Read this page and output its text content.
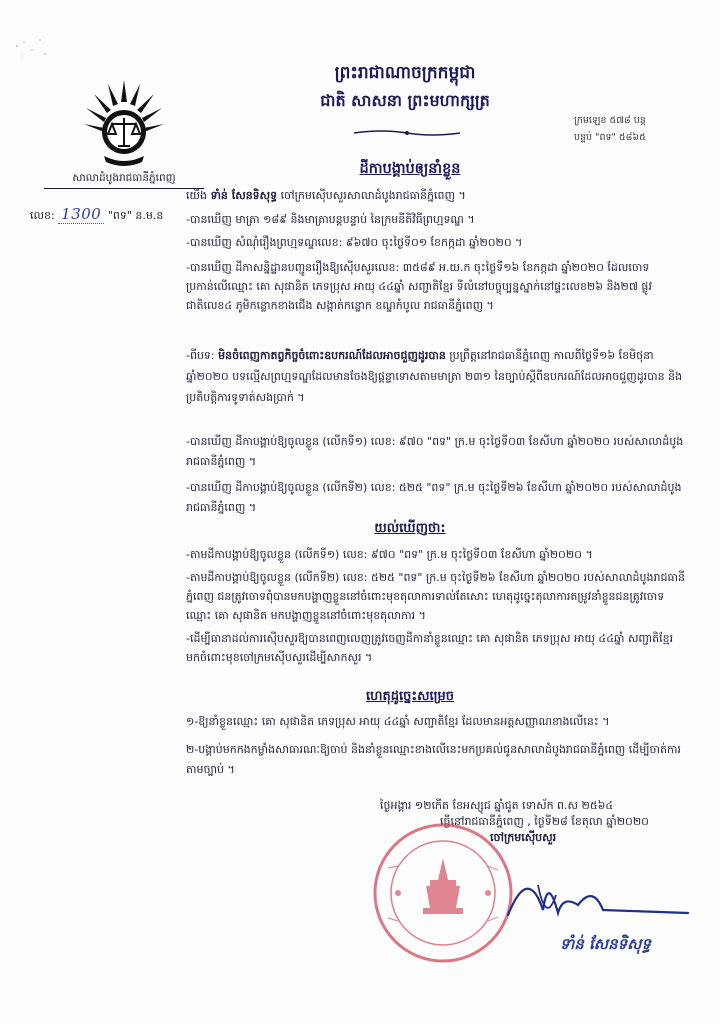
សាលាដំបូងរាជធានីភ្នំពេញ
ព្រះរាជាណាចក្រកម្ពុជា
ជាតិ សាសនា ព្រះមហាក្សត្រ
ក្រមឡេខ ៥៧៨ បន្ត
បន្ទប់ "ពទ" ៥៨៦៥
ដីកាបង្គាប់ឲ្យនាំខ្លួន
លេខ: 1300 "ពទ" ន.ម.ន
យើង ទាំន់ សែនទិសុទ្ធ ចៅក្រមស៊ើបសួរសាលាដំបូងរាជធានីភ្នំពេញ ។
-បានឃើញ មាត្រា ១៨៩ និងមាត្រាបន្តបន្ទាប់ នៃក្រមនីតិវិធីព្រហ្មទណ្ឌ ។
-បានឃើញ សំណុំរឿងព្រហ្មទណ្ឌលេខ: ៩៦៧០ ចុះថ្ងៃទី០១ ខែកក្កដា ឆ្នាំ២០២០ ។
-បានឃើញ ដីកាសន្និដ្ឋានបញ្ជូនរឿងឱ្យស៊ើបសួរលេខ: ៣៥៨៩ អ.យ.ក ចុះថ្ងៃទី១៦ ខែកក្កដា ឆ្នាំ២០២០ ដែលចោទប្រកាន់លើឈ្មោះ គោ សុផានិត ភេទប្រុស អាយុ ៤៤ឆ្នាំ សញ្ជាតិខ្មែរ ទីលំនៅបច្ចុប្បន្នស្នាក់នៅផ្ទះលេខ២៦ និង២៧ ផ្លូវជាតិលេខ៤ ភូមិកន្លោកខាងជើង សង្កាត់កន្លោក ខណ្ឌកំបូល រាជធានីភ្នំពេញ ។
-ពីបទ: មិនចំពេញកាតព្វកិច្ចចំពោះឧបករណ៍ដែលអាចជួញដូរបាន ប្រព្រឹត្តនៅរាជធានីភ្នំពេញ កាលពីថ្ងៃទី១៦ ខែមិថុនា ឆ្នាំ២០២០ បទល្មើសព្រហ្មទណ្ឌដែលមានចែងឱ្យផ្តន្ទាទោសតាមមាត្រា ២៣១ នៃច្បាប់ស្តីពីឧបករណ៍ដែលអាចជួញដូរបាន និងប្រតិបត្តិការទូទាត់សងប្រាក់ ។
-បានឃើញ ដីកាបង្គាប់ឱ្យចូលខ្លួន (លើកទី១) លេខ: ៩៧០ "ពទ" ក្រ.ម ចុះថ្ងៃទី០៣ ខែសីហា ឆ្នាំ២០២០ របស់សាលាដំបូងរាជធានីភ្នំពេញ ។
-បានឃើញ ដីកាបង្គាប់ឱ្យចូលខ្លួន (លើកទី២) លេខ: ៥២៥ "ពទ" ក្រ.ម ចុះថ្ងៃទី២៦ ខែសីហា ឆ្នាំ២០២០ របស់សាលាដំបូងរាជធានីភ្នំពេញ ។
យល់ឃើញថា:
-តាមដីកាបង្គាប់ឱ្យចូលខ្លួន (លើកទី១) លេខ: ៩៧០ "ពទ" ក្រ.ម ចុះថ្ងៃទី០៣ ខែសីហា ឆ្នាំ២០២០ ។
-តាមដីកាបង្គាប់ឱ្យចូលខ្លួន (លើកទី២) លេខ: ៥២៥ "ពទ" ក្រ.ម ចុះថ្ងៃទី២៦ ខែសីហា ឆ្នាំ២០២០ របស់សាលាដំបូងរាជធានីភ្នំពេញ ជនត្រូវចោទពុំបានមកបង្ហាញខ្លួននៅចំពោះមុខតុលាការទាល់តែសោះ ហេតុដូច្នេះតុលាការតម្រូវនាំខ្លួនជនត្រូវចោទឈ្មោះ គោ សុផានិត មកបង្ហាញខ្លួននៅចំពោះមុខតុលាការ ។
-ដើម្បីធានាដល់ការស៊ើបសួរឱ្យបានពេញលេញត្រូវចេញដីកានាំខ្លួនឈ្មោះ គោ សុផានិត ភេទប្រុស អាយុ ៤៤ឆ្នាំ សញ្ជាតិខ្មែរ មកចំពោះមុខចៅក្រមស៊ើបសួរដើម្បីសាកសួរ ។
ហេតុដូច្នេះសម្រេច
១-ឱ្យនាំខ្លួនឈ្មោះ គោ សុផានិត ភេទប្រុស អាយុ ៤៤ឆ្នាំ សញ្ជាតិខ្មែរ ដែលមានអត្តសញ្ញាណខាងលើនេះ ។
២-បង្គាប់មកកងកម្លាំងសាធារណៈឱ្យចាប់ និងនាំខ្លួនឈ្មោះខាងលើនេះមកប្រគល់ជូនសាលាដំបូងរាជធានីភ្នំពេញ ដើម្បីចាត់ការតាមច្បាប់ ។
ថ្ងៃអង្គារ ១២កើត ខែអស្សុជ ឆ្នាំជូត ទោស័ក ព.ស ២៥៦៤
ធ្វើនៅរាជធានីភ្នំពេញ , ថ្ងៃទី២៨ ខែតុលា ឆ្នាំ២០២០
ចៅក្រមស៊ើបសួរ
ទាំន់ សែនទិសុទ្ធ
